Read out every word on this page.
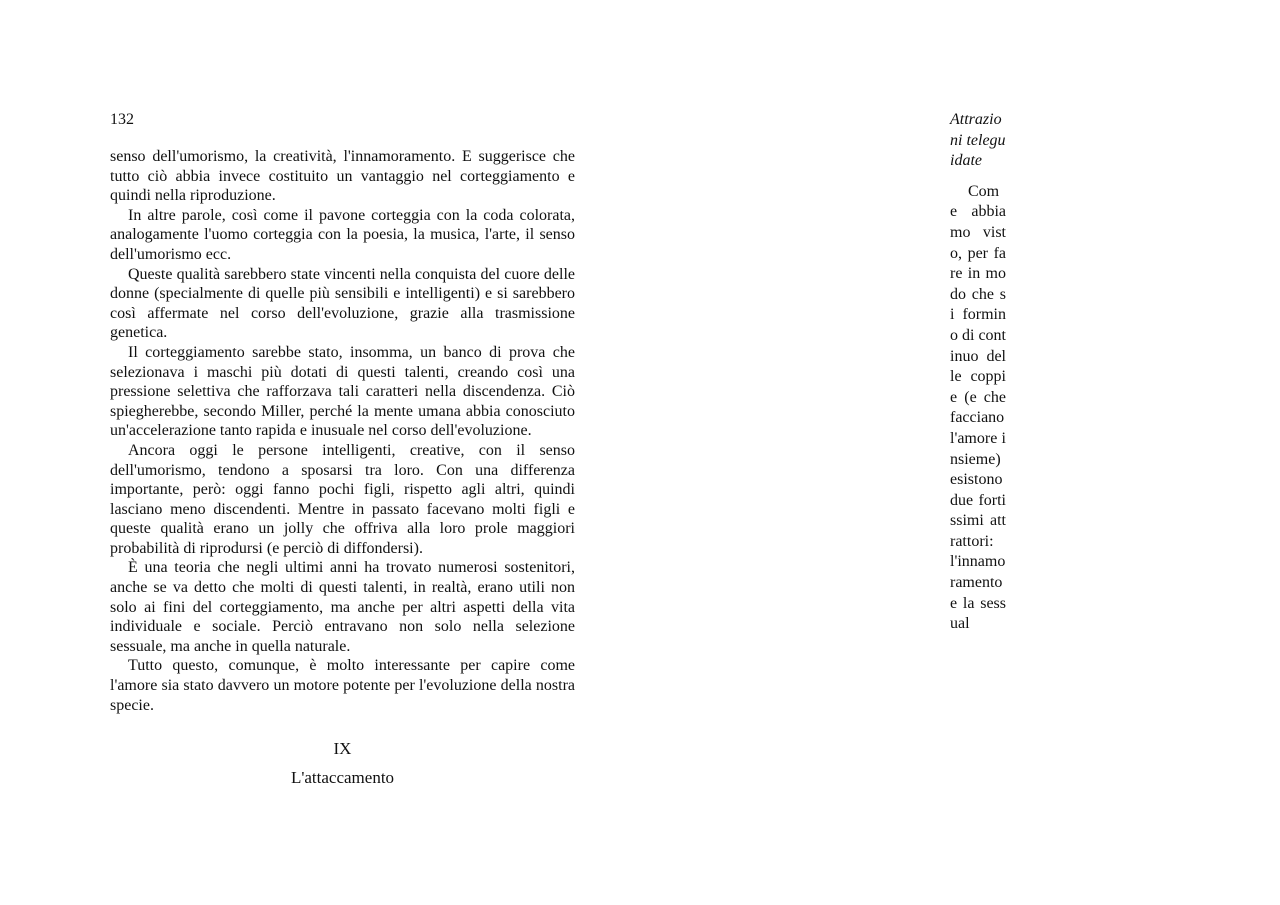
132

senso dell'umorismo, la creatività, l'innamoramento. E suggerisce che tutto ciò abbia invece costituito un vantaggio nel corteggiamento e quindi nella riproduzione.

In altre parole, così come il pavone corteggia con la coda colorata, analogamente l'uomo corteggia con la poesia, la musica, l'arte, il senso dell'umorismo ecc.

Queste qualità sarebbero state vincenti nella conquista del cuore delle donne (specialmente di quelle più sensibili e intelligenti) e si sarebbero così affermate nel corso dell'evoluzione, grazie alla trasmissione genetica.

Il corteggiamento sarebbe stato, insomma, un banco di prova che selezionava i maschi più dotati di questi talenti, creando così una pressione selettiva che rafforzava tali caratteri nella discendenza. Ciò spiegherebbe, secondo Miller, perché la mente umana abbia conosciuto un'accelerazione tanto rapida e inusuale nel corso dell'evoluzione.

Ancora oggi le persone intelligenti, creative, con il senso dell'umorismo, tendono a sposarsi tra loro. Con una differenza importante, però: oggi fanno pochi figli, rispetto agli altri, quindi lasciano meno discendenti. Mentre in passato facevano molti figli e queste qualità erano un jolly che offriva alla loro prole maggiori probabilità di riprodursi (e perciò di diffondersi).

È una teoria che negli ultimi anni ha trovato numerosi sostenitori, anche se va detto che molti di questi talenti, in realtà, erano utili non solo ai fini del corteggiamento, ma anche per altri aspetti della vita individuale e sociale. Perciò entravano non solo nella selezione sessuale, ma anche in quella naturale.

Tutto questo, comunque, è molto interessante per capire come l'amore sia stato davvero un motore potente per l'evoluzione della nostra specie.

IX
L'attaccamento

Attrazioni teleguidate

Come abbiamo visto, per fare in modo che si formino di continuo delle coppie (e che facciano l'amore insieme) esistono due fortissimi attrattori: l'innamoramento e la sessual
